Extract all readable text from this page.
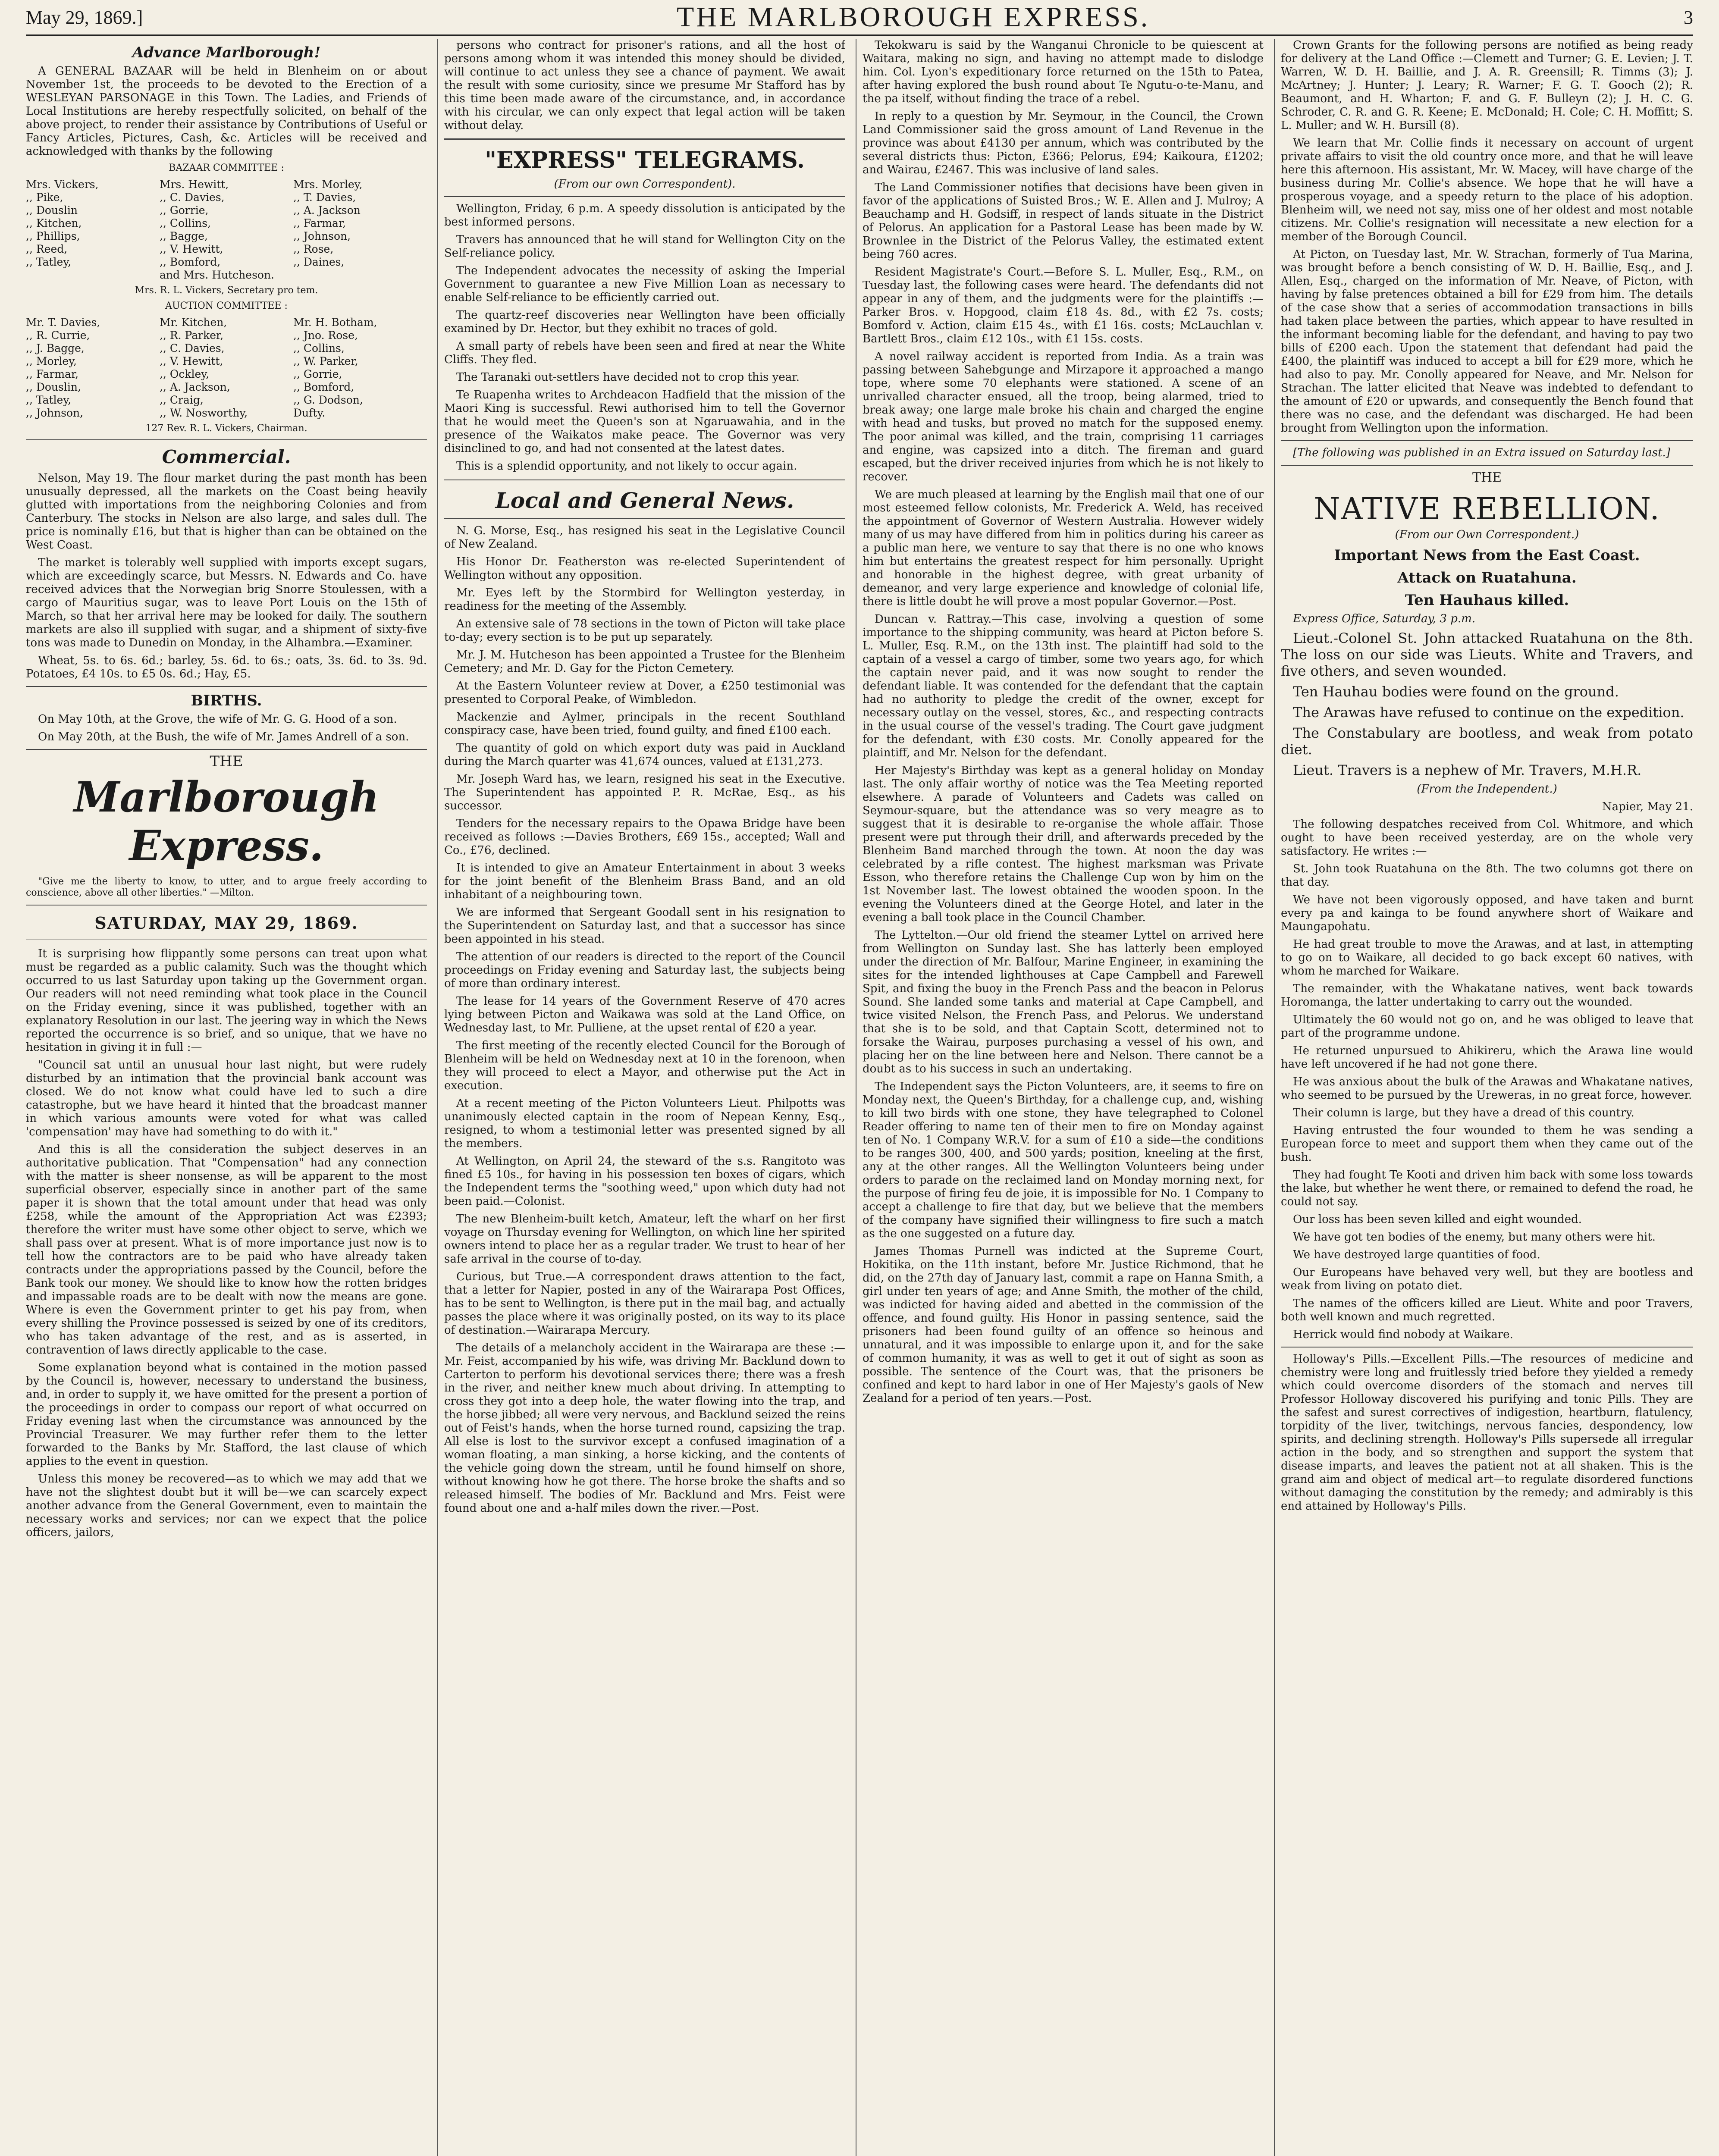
May 29, 1869.]	THE MARLBOROUGH EXPRESS.	3
Advance Marlborough!

A GENERAL BAZAAR will be held in Blenheim on or about November 1st, the proceeds to be devoted to the Erection of a WESLEYAN PARSONAGE in this Town. The Ladies, and Friends of Local Institutions are hereby respectfully solicited, on behalf of the above project, to render their assistance by Contributions of Useful or Fancy Articles, Pictures, Cash, &c. Articles will be received and acknowledged with thanks by the following

BAZAAR COMMITTEE :

Mrs. Vickers,	Mrs. Hewitt,	Mrs. Morley,
,, Pike,	,, C. Davies,	,, T. Davies,
,, Douslin	,, Gorrie,	,, A. Jackson
,, Kitchen,	,, Collins,	,, Farmar,
,, Phillips,	,, Bagge,	,, Johnson,
,, Reed,	,, V. Hewitt,	,, Rose,
,, Tatley,	,, Bomford,	,, Daines,
and Mrs. Hutcheson.

Mrs. R. L. Vickers, Secretary pro tem.

AUCTION COMMITTEE :

Mr. T. Davies,	Mr. Kitchen,	Mr. H. Botham,
,, R. Currie,	,, R. Parker,	,, Jno. Rose,
,, J. Bagge,	,, C. Davies,	,, Collins,
,, Morley,	,, V. Hewitt,	,, W. Parker,
,, Farmar,	,, Ockley,	,, Gorrie,
,, Douslin,	,, A. Jackson,	,, Bomford,
,, Tatley,	,, Craig,	,, G. Dodson,
,, Johnson,	,, W. Nosworthy,	Dufty.

127 Rev. R. L. Vickers, Chairman.

Commercial.

Nelson, May 19. The flour market during the past month has been unusually depressed, all the markets on the Coast being heavily glutted with importations from the neighboring Colonies and from Canterbury. The stocks in Nelson are also large, and sales dull. The price is nominally £16, but that is higher than can be obtained on the West Coast.

The market is tolerably well supplied with imports except sugars, which are exceedingly scarce, but Messrs. N. Edwards and Co. have received advices that the Norwegian brig Snorre Stoulessen, with a cargo of Mauritius sugar, was to leave Port Louis on the 15th of March, so that her arrival here may be looked for daily. The southern markets are also ill supplied with sugar, and a shipment of sixty-five tons was made to Dunedin on Monday, in the Alhambra.—Examiner.

Wheat, 5s. to 6s. 6d.; barley, 5s. 6d. to 6s.; oats, 3s. 6d. to 3s. 9d. Potatoes, £4 10s. to £5 0s. 6d.; Hay, £5.

BIRTHS.

On May 10th, at the Grove, the wife of Mr. G. G. Hood of a son.

On May 20th, at the Bush, the wife of Mr. James Andrell of a son.

THE

Marlborough Express.

"Give me the liberty to know, to utter, and to argue freely according to conscience, above all other liberties." —Milton.

SATURDAY, MAY 29, 1869.

It is surprising how flippantly some persons can treat upon what must be regarded as a public calamity. Such was the thought which occurred to us last Saturday upon taking up the Government organ. Our readers will not need reminding what took place in the Council on the Friday evening, since it was published, together with an explanatory Resolution in our last. The jeering way in which the News reported the occurrence is so brief, and so unique, that we have no hesitation in giving it in full :—

"Council sat until an unusual hour last night, but were rudely disturbed by an intimation that the provincial bank account was closed. We do not know what could have led to such a dire catastrophe, but we have heard it hinted that the broadcast manner in which various amounts were voted for what was called 'compensation' may have had something to do with it."

And this is all the consideration the subject deserves in an authoritative publication. That "Compensation" had any connection with the matter is sheer nonsense, as will be apparent to the most superficial observer, especially since in another part of the same paper it is shown that the total amount under that head was only £258, while the amount of the Appropriation Act was £2393; therefore the writer must have some other object to serve, which we shall pass over at present. What is of more importance just now is to tell how the contractors are to be paid who have already taken contracts under the appropriations passed by the Council, before the Bank took our money. We should like to know how the rotten bridges and impassable roads are to be dealt with now the means are gone. Where is even the Government printer to get his pay from, when every shilling the Province possessed is seized by one of its creditors, who has taken advantage of the rest, and as is asserted, in contravention of laws directly applicable to the case.

Some explanation beyond what is contained in the motion passed by the Council is, however, necessary to understand the business, and, in order to supply it, we have omitted for the present a portion of the proceedings in order to compass our report of what occurred on Friday evening last when the circumstance was announced by the Provincial Treasurer. We may further refer them to the letter forwarded to the Banks by Mr. Stafford, the last clause of which applies to the event in question.

Unless this money be recovered—as to which we may add that we have not the slightest doubt but it will be—we can scarcely expect another advance from the General Government, even to maintain the necessary works and services; nor can we expect that the police officers, jailors,

persons who contract for prisoner's rations, and all the host of persons among whom it was intended this money should be divided, will continue to act unless they see a chance of payment. We await the result with some curiosity, since we presume Mr Stafford has by this time been made aware of the circumstance, and, in accordance with his circular, we can only expect that legal action will be taken without delay.

"EXPRESS" TELEGRAMS.

(From our own Correspondent).

Wellington, Friday, 6 p.m. A speedy dissolution is anticipated by the best informed persons.

Travers has announced that he will stand for Wellington City on the Self-reliance policy.

The Independent advocates the necessity of asking the Imperial Government to guarantee a new Five Million Loan as necessary to enable Self-reliance to be efficiently carried out.

The quartz-reef discoveries near Wellington have been officially examined by Dr. Hector, but they exhibit no traces of gold.

A small party of rebels have been seen and fired at near the White Cliffs. They fled.

The Taranaki out-settlers have decided not to crop this year.

Te Ruapenha writes to Archdeacon Hadfield that the mission of the Maori King is successful. Rewi authorised him to tell the Governor that he would meet the Queen's son at Ngaruawahia, and in the presence of the Waikatos make peace. The Governor was very disinclined to go, and had not consented at the latest dates.

This is a splendid opportunity, and not likely to occur again.

Local and General News.

N. G. Morse, Esq., has resigned his seat in the Legislative Council of New Zealand.

His Honor Dr. Featherston was re-elected Superintendent of Wellington without any opposition.

Mr. Eyes left by the Stormbird for Wellington yesterday, in readiness for the meeting of the Assembly.

An extensive sale of 78 sections in the town of Picton will take place to-day; every section is to be put up separately.

Mr. J. M. Hutcheson has been appointed a Trustee for the Blenheim Cemetery; and Mr. D. Gay for the Picton Cemetery.

At the Eastern Volunteer review at Dover, a £250 testimonial was presented to Corporal Peake, of Wimbledon.

Mackenzie and Aylmer, principals in the recent Southland conspiracy case, have been tried, found guilty, and fined £100 each.

The quantity of gold on which export duty was paid in Auckland during the March quarter was 41,674 ounces, valued at £131,273.

Mr. Joseph Ward has, we learn, resigned his seat in the Executive. The Superintendent has appointed P. R. McRae, Esq., as his successor.

Tenders for the necessary repairs to the Opawa Bridge have been received as follows :—Davies Brothers, £69 15s., accepted; Wall and Co., £76, declined.

It is intended to give an Amateur Entertainment in about 3 weeks for the joint benefit of the Blenheim Brass Band, and an old inhabitant of a neighbouring town.

We are informed that Sergeant Goodall sent in his resignation to the Superintendent on Saturday last, and that a successor has since been appointed in his stead.

The attention of our readers is directed to the report of the Council proceedings on Friday evening and Saturday last, the subjects being of more than ordinary interest.

The lease for 14 years of the Government Reserve of 470 acres lying between Picton and Waikawa was sold at the Land Office, on Wednesday last, to Mr. Pulliene, at the upset rental of £20 a year.

The first meeting of the recently elected Council for the Borough of Blenheim will be held on Wednesday next at 10 in the forenoon, when they will proceed to elect a Mayor, and otherwise put the Act in execution.

At a recent meeting of the Picton Volunteers Lieut. Philpotts was unanimously elected captain in the room of Nepean Kenny, Esq., resigned, to whom a testimonial letter was presented signed by all the members.

At Wellington, on April 24, the steward of the s.s. Rangitoto was fined £5 10s., for having in his possession ten boxes of cigars, which the Independent terms the "soothing weed," upon which duty had not been paid.—Colonist.

The new Blenheim-built ketch, Amateur, left the wharf on her first voyage on Thursday evening for Wellington, on which line her spirited owners intend to place her as a regular trader. We trust to hear of her safe arrival in the course of to-day.

Curious, but True.—A correspondent draws attention to the fact, that a letter for Napier, posted in any of the Wairarapa Post Offices, has to be sent to Wellington, is there put in the mail bag, and actually passes the place where it was originally posted, on its way to its place of destination.—Wairarapa Mercury.

The details of a melancholy accident in the Wairarapa are these :—Mr. Feist, accompanied by his wife, was driving Mr. Backlund down to Carterton to perform his devotional services there; there was a fresh in the river, and neither knew much about driving. In attempting to cross they got into a deep hole, the water flowing into the trap, and the horse jibbed; all were very nervous, and Backlund seized the reins out of Feist's hands, when the horse turned round, capsizing the trap. All else is lost to the survivor except a confused imagination of a woman floating, a man sinking, a horse kicking, and the contents of the vehicle going down the stream, until he found himself on shore, without knowing how he got there. The horse broke the shafts and so released himself. The bodies of Mr. Backlund and Mrs. Feist were found about one and a-half miles down the river.—Post.

Tekokwaru is said by the Wanganui Chronicle to be quiescent at Waitara, making no sign, and having no attempt made to dislodge him. Col. Lyon's expeditionary force returned on the 15th to Patea, after having explored the bush round about Te Ngutu-o-te-Manu, and the pa itself, without finding the trace of a rebel.

In reply to a question by Mr. Seymour, in the Council, the Crown Land Commissioner said the gross amount of Land Revenue in the province was about £4130 per annum, which was contributed by the several districts thus: Picton, £366; Pelorus, £94; Kaikoura, £1202; and Wairau, £2467. This was inclusive of land sales.

The Land Commissioner notifies that decisions have been given in favor of the applications of Suisted Bros.; W. E. Allen and J. Mulroy; A Beauchamp and H. Godsiff, in respect of lands situate in the District of Pelorus. An application for a Pastoral Lease has been made by W. Brownlee in the District of the Pelorus Valley, the estimated extent being 760 acres.

Resident Magistrate's Court.—Before S. L. Muller, Esq., R.M., on Tuesday last, the following cases were heard. The defendants did not appear in any of them, and the judgments were for the plaintiffs :—Parker Bros. v. Hopgood, claim £18 4s. 8d., with £2 7s. costs; Bomford v. Action, claim £15 4s., with £1 16s. costs; McLauchlan v. Bartlett Bros., claim £12 10s., with £1 15s. costs.

A novel railway accident is reported from India. As a train was passing between Sahebgunge and Mirzapore it approached a mango tope, where some 70 elephants were stationed. A scene of an unrivalled character ensued, all the troop, being alarmed, tried to break away; one large male broke his chain and charged the engine with head and tusks, but proved no match for the supposed enemy. The poor animal was killed, and the train, comprising 11 carriages and engine, was capsized into a ditch. The fireman and guard escaped, but the driver received injuries from which he is not likely to recover.

We are much pleased at learning by the English mail that one of our most esteemed fellow colonists, Mr. Frederick A. Weld, has received the appointment of Governor of Western Australia. However widely many of us may have differed from him in politics during his career as a public man here, we venture to say that there is no one who knows him but entertains the greatest respect for him personally. Upright and honorable in the highest degree, with great urbanity of demeanor, and very large experience and knowledge of colonial life, there is little doubt he will prove a most popular Governor.—Post.

Duncan v. Rattray.—This case, involving a question of some importance to the shipping community, was heard at Picton before S. L. Muller, Esq. R.M., on the 13th inst. The plaintiff had sold to the captain of a vessel a cargo of timber, some two years ago, for which the captain never paid, and it was now sought to render the defendant liable. It was contended for the defendant that the captain had no authority to pledge the credit of the owner, except for necessary outlay on the vessel, stores, &c., and respecting contracts in the usual course of the vessel's trading. The Court gave judgment for the defendant, with £30 costs. Mr. Conolly appeared for the plaintiff, and Mr. Nelson for the defendant.

Her Majesty's Birthday was kept as a general holiday on Monday last. The only affair worthy of notice was the Tea Meeting reported elsewhere. A parade of Volunteers and Cadets was called on Seymour-square, but the attendance was so very meagre as to suggest that it is desirable to re-organise the whole affair. Those present were put through their drill, and afterwards preceded by the Blenheim Band marched through the town. At noon the day was celebrated by a rifle contest. The highest marksman was Private Esson, who therefore retains the Challenge Cup won by him on the 1st November last. The lowest obtained the wooden spoon. In the evening the Volunteers dined at the George Hotel, and later in the evening a ball took place in the Council Chamber.

The Lyttelton.—Our old friend the steamer Lyttel on arrived here from Wellington on Sunday last. She has latterly been employed under the direction of Mr. Balfour, Marine Engineer, in examining the sites for the intended lighthouses at Cape Campbell and Farewell Spit, and fixing the buoy in the French Pass and the beacon in Pelorus Sound. She landed some tanks and material at Cape Campbell, and twice visited Nelson, the French Pass, and Pelorus. We understand that she is to be sold, and that Captain Scott, determined not to forsake the Wairau, purposes purchasing a vessel of his own, and placing her on the line between here and Nelson. There cannot be a doubt as to his success in such an undertaking.

The Independent says the Picton Volunteers, are, it seems to fire on Monday next, the Queen's Birthday, for a challenge cup, and, wishing to kill two birds with one stone, they have telegraphed to Colonel Reader offering to name ten of their men to fire on Monday against ten of No. 1 Company W.R.V. for a sum of £10 a side—the conditions to be ranges 300, 400, and 500 yards; position, kneeling at the first, any at the other ranges. All the Wellington Volunteers being under orders to parade on the reclaimed land on Monday morning next, for the purpose of firing feu de joie, it is impossible for No. 1 Company to accept a challenge to fire that day, but we believe that the members of the company have signified their willingness to fire such a match as the one suggested on a future day.

James Thomas Purnell was indicted at the Supreme Court, Hokitika, on the 11th instant, before Mr. Justice Richmond, that he did, on the 27th day of January last, commit a rape on Hanna Smith, a girl under ten years of age; and Anne Smith, the mother of the child, was indicted for having aided and abetted in the commission of the offence, and found guilty. His Honor in passing sentence, said the prisoners had been found guilty of an offence so heinous and unnatural, and it was impossible to enlarge upon it, and for the sake of common humanity, it was as well to get it out of sight as soon as possible. The sentence of the Court was, that the prisoners be confined and kept to hard labor in one of Her Majesty's gaols of New Zealand for a period of ten years.—Post.

Crown Grants for the following persons are notified as being ready for delivery at the Land Office :—Clemett and Turner; G. E. Levien; J. T. Warren, W. D. H. Baillie, and J. A. R. Greensill; R. Timms (3); J. McArtney; J. Hunter; J. Leary; R. Warner; F. G. T. Gooch (2); R. Beaumont, and H. Wharton; F. and G. F. Bulleyn (2); J. H. C. G. Schroder, C. R. and G. R. Keene; E. McDonald; H. Cole; C. H. Moffitt; S. L. Muller; and W. H. Bursill (8).

We learn that Mr. Collie finds it necessary on account of urgent private affairs to visit the old country once more, and that he will leave here this afternoon. His assistant, Mr. W. Macey, will have charge of the business during Mr. Collie's absence. We hope that he will have a prosperous voyage, and a speedy return to the place of his adoption. Blenheim will, we need not say, miss one of her oldest and most notable citizens. Mr. Collie's resignation will necessitate a new election for a member of the Borough Council.

At Picton, on Tuesday last, Mr. W. Strachan, formerly of Tua Marina, was brought before a bench consisting of W. D. H. Baillie, Esq., and J. Allen, Esq., charged on the information of Mr. Neave, of Picton, with having by false pretences obtained a bill for £29 from him. The details of the case show that a series of accommodation transactions in bills had taken place between the parties, which appear to have resulted in the informant becoming liable for the defendant, and having to pay two bills of £200 each. Upon the statement that defendant had paid the £400, the plaintiff was induced to accept a bill for £29 more, which he had also to pay. Mr. Conolly appeared for Neave, and Mr. Nelson for Strachan. The latter elicited that Neave was indebted to defendant to the amount of £20 or upwards, and consequently the Bench found that there was no case, and the defendant was discharged. He had been brought from Wellington upon the information.

[The following was published in an Extra issued on Saturday last.]

THE

NATIVE REBELLION.

(From our Own Correspondent.)

Important News from the East Coast.
Attack on Ruatahuna.
Ten Hauhaus killed.

Express Office, Saturday, 3 p.m.

Lieut.-Colonel St. John attacked Ruatahuna on the 8th. The loss on our side was Lieuts. White and Travers, and five others, and seven wounded.

Ten Hauhau bodies were found on the ground.

The Arawas have refused to continue on the expedition.

The Constabulary are bootless, and weak from potato diet.

Lieut. Travers is a nephew of Mr. Travers, M.H.R.

(From the Independent.)

Napier, May 21.

The following despatches received from Col. Whitmore, and which ought to have been received yesterday, are on the whole very satisfactory. He writes :—

St. John took Ruatahuna on the 8th. The two columns got there on that day.

We have not been vigorously opposed, and have taken and burnt every pa and kainga to be found anywhere short of Waikare and Maungapohatu.

He had great trouble to move the Arawas, and at last, in attempting to go on to Waikare, all decided to go back except 60 natives, with whom he marched for Waikare.

The remainder, with the Whakatane natives, went back towards Horomanga, the latter undertaking to carry out the wounded.

Ultimately the 60 would not go on, and he was obliged to leave that part of the programme undone.

He returned unpursued to Ahikireru, which the Arawa line would have left uncovered if he had not gone there.

He was anxious about the bulk of the Arawas and Whakatane natives, who seemed to be pursued by the Ureweras, in no great force, however.

Their column is large, but they have a dread of this country.

Having entrusted the four wounded to them he was sending a European force to meet and support them when they came out of the bush.

They had fought Te Kooti and driven him back with some loss towards the lake, but whether he went there, or remained to defend the road, he could not say.

Our loss has been seven killed and eight wounded.

We have got ten bodies of the enemy, but many others were hit.

We have destroyed large quantities of food.

Our Europeans have behaved very well, but they are bootless and weak from living on potato diet.

The names of the officers killed are Lieut. White and poor Travers, both well known and much regretted.

Herrick would find nobody at Waikare.

Holloway's Pills.—Excellent Pills.—The resources of medicine and chemistry were long and fruitlessly tried before they yielded a remedy which could overcome disorders of the stomach and nerves till Professor Holloway discovered his purifying and tonic Pills. They are the safest and surest correctives of indigestion, heartburn, flatulency, torpidity of the liver, twitchings, nervous fancies, despondency, low spirits, and declining strength. Holloway's Pills supersede all irregular action in the body, and so strengthen and support the system that disease imparts, and leaves the patient not at all shaken. This is the grand aim and object of medical art—to regulate disordered functions without damaging the constitution by the remedy; and admirably is this end attained by Holloway's Pills.
